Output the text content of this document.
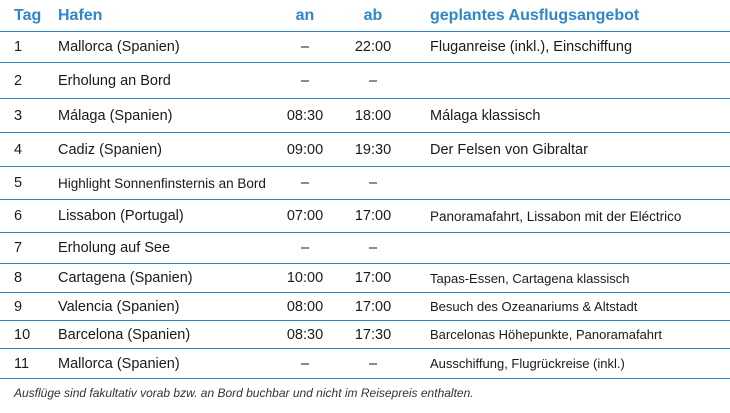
Tag	Hafen	an	ab	geplantes Ausflugsangebot
1	Mallorca (Spanien)	–	22:00	Fluganreise (inkl.), Einschiffung
2	Erholung an Bord	–	–
3	Málaga (Spanien)	08:30	18:00	Málaga klassisch
4	Cadiz (Spanien)	09:00	19:30	Der Felsen von Gibraltar
5	Highlight Sonnenfinsternis an Bord	–	–
6	Lissabon (Portugal)	07:00	17:00	Panoramafahrt, Lissabon mit der Eléctrico
7	Erholung auf See	–	–
8	Cartagena (Spanien)	10:00	17:00	Tapas-Essen, Cartagena klassisch
9	Valencia (Spanien)	08:00	17:00	Besuch des Ozeanariums & Altstadt
10	Barcelona (Spanien)	08:30	17:30	Barcelonas Höhepunkte, Panoramafahrt
11	Mallorca (Spanien)	–	–	Ausschiffung, Flugrückreise (inkl.)
Ausflüge sind fakultativ vorab bzw. an Bord buchbar und nicht im Reisepreis enthalten.
